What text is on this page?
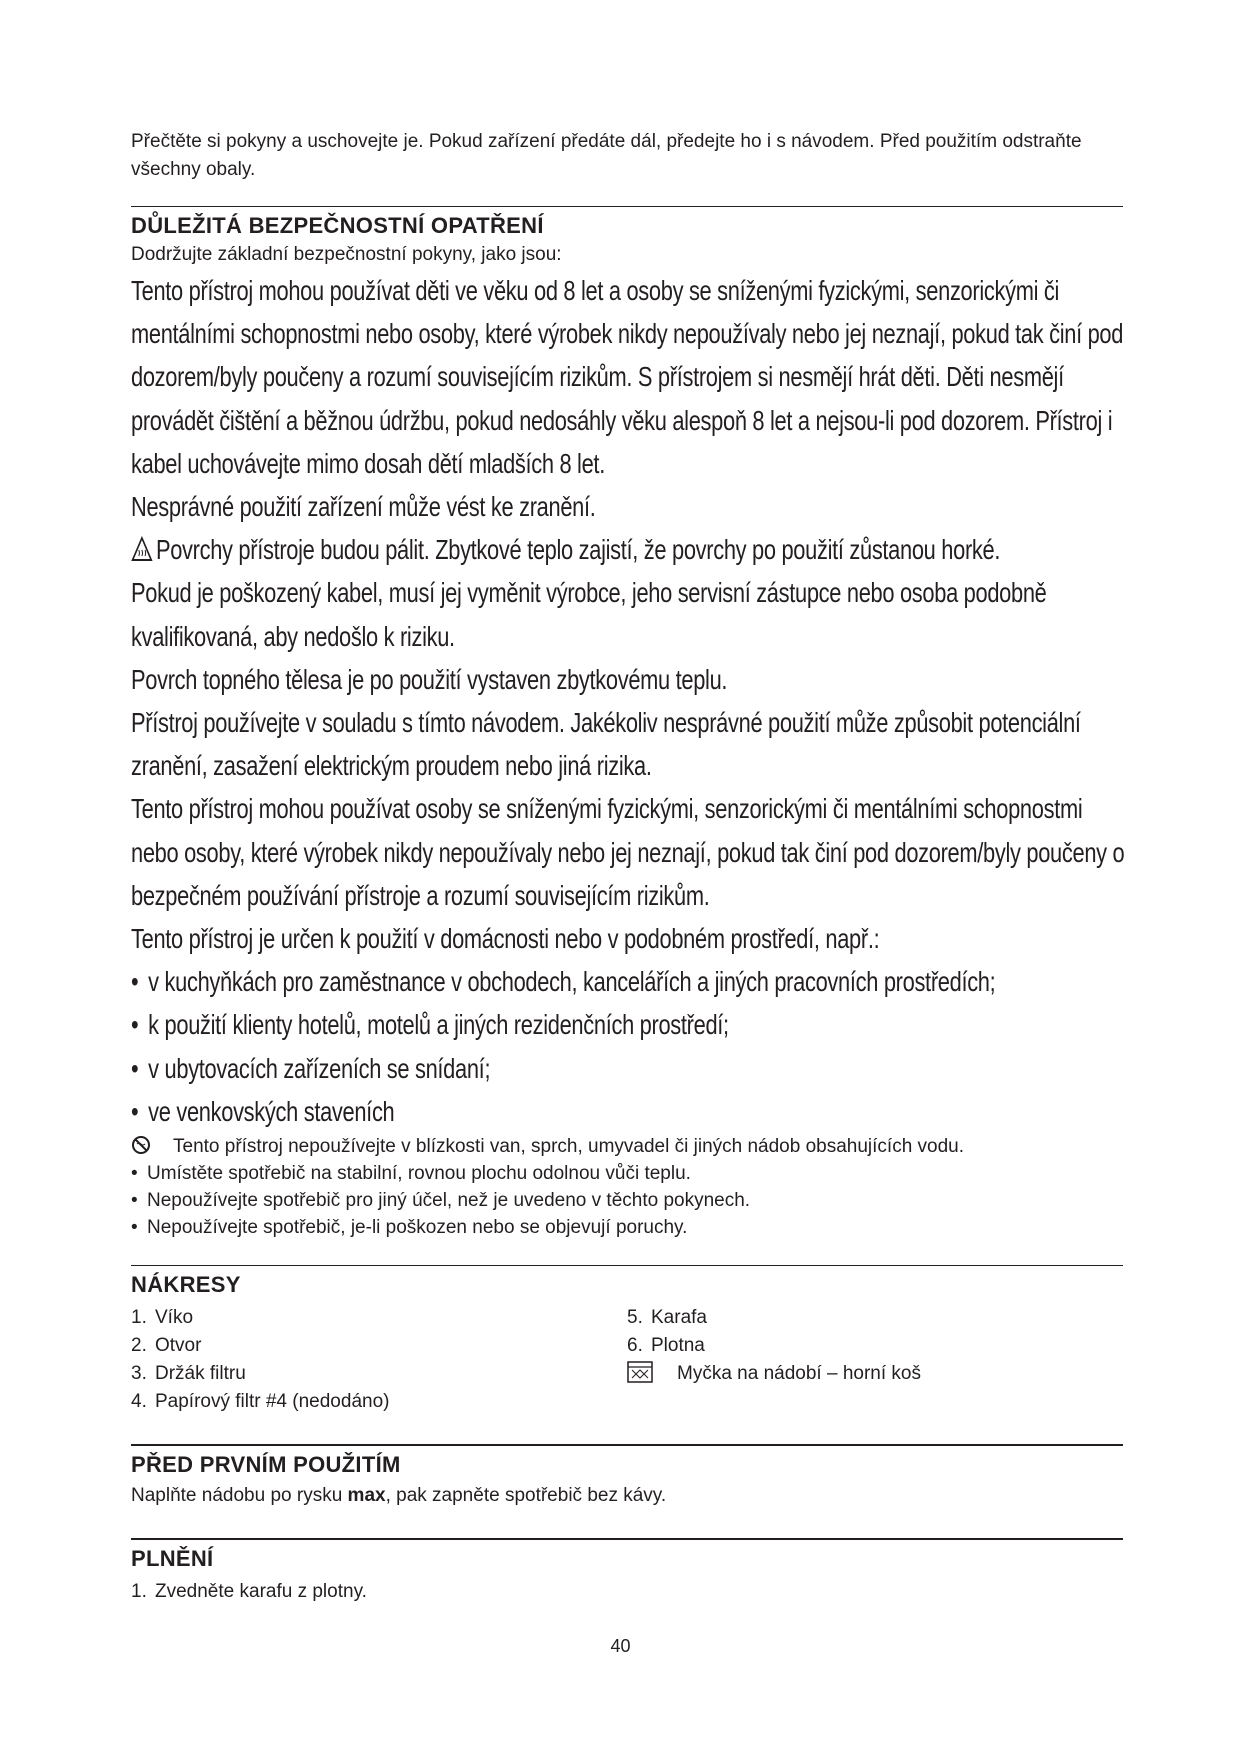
Přečtěte si pokyny a uschovejte je. Pokud zařízení předáte dál, předejte ho i s návodem. Před použitím odstraňte všechny obaly.

DŮLEŽITÁ BEZPEČNOSTNÍ OPATŘENÍ

Dodržujte základní bezpečnostní pokyny, jako jsou:

Tento přístroj mohou používat děti ve věku od 8 let a osoby se sníženými fyzickými, senzorickými či mentálními schopnostmi nebo osoby, které výrobek nikdy nepoužívaly nebo jej neznají, pokud tak činí pod dozorem/byly poučeny a rozumí souvisejícím rizikům. S přístrojem si nesmějí hrát děti. Děti nesmějí provádět čištění a běžnou údržbu, pokud nedosáhly věku alespoň 8 let a nejsou-li pod dozorem. Přístroj i kabel uchovávejte mimo dosah dětí mladších 8 let.

Nesprávné použití zařízení může vést ke zranění.

Povrchy přístroje budou pálit. Zbytkové teplo zajistí, že povrchy po použití zůstanou horké.

Pokud je poškozený kabel, musí jej vyměnit výrobce, jeho servisní zástupce nebo osoba podobně kvalifikovaná, aby nedošlo k riziku.

Povrch topného tělesa je po použití vystaven zbytkovému teplu.

Přístroj používejte v souladu s tímto návodem. Jakékoliv nesprávné použití může způsobit potenciální zranění, zasažení elektrickým proudem nebo jiná rizika.

Tento přístroj mohou používat osoby se sníženými fyzickými, senzorickými či mentálními schopnostmi nebo osoby, které výrobek nikdy nepoužívaly nebo jej neznají, pokud tak činí pod dozorem/byly poučeny o bezpečném používání přístroje a rozumí souvisejícím rizikům.

Tento přístroj je určen k použití v domácnosti nebo v podobném prostředí, např.:

• v kuchyňkách pro zaměstnance v obchodech, kancelářích a jiných pracovních prostředích;

• k použití klienty hotelů, motelů a jiných rezidenčních prostředí;

• v ubytovacích zařízeních se snídaní;

• ve venkovských staveních

Tento přístroj nepoužívejte v blízkosti van, sprch, umyvadel či jiných nádob obsahujících vodu.

• Umístěte spotřebič na stabilní, rovnou plochu odolnou vůči teplu.

• Nepoužívejte spotřebič pro jiný účel, než je uvedeno v těchto pokynech.

• Nepoužívejte spotřebič, je-li poškozen nebo se objevují poruchy.

NÁKRESY

1. Víko

2. Otvor

3. Držák filtru

4. Papírový filtr #4 (nedodáno)

5. Karafa

6. Plotna

Myčka na nádobí – horní koš

PŘED PRVNÍM POUŽITÍM

Naplňte nádobu po rysku max, pak zapněte spotřebič bez kávy.

PLNĚNÍ

1. Zvedněte karafu z plotny.

40
